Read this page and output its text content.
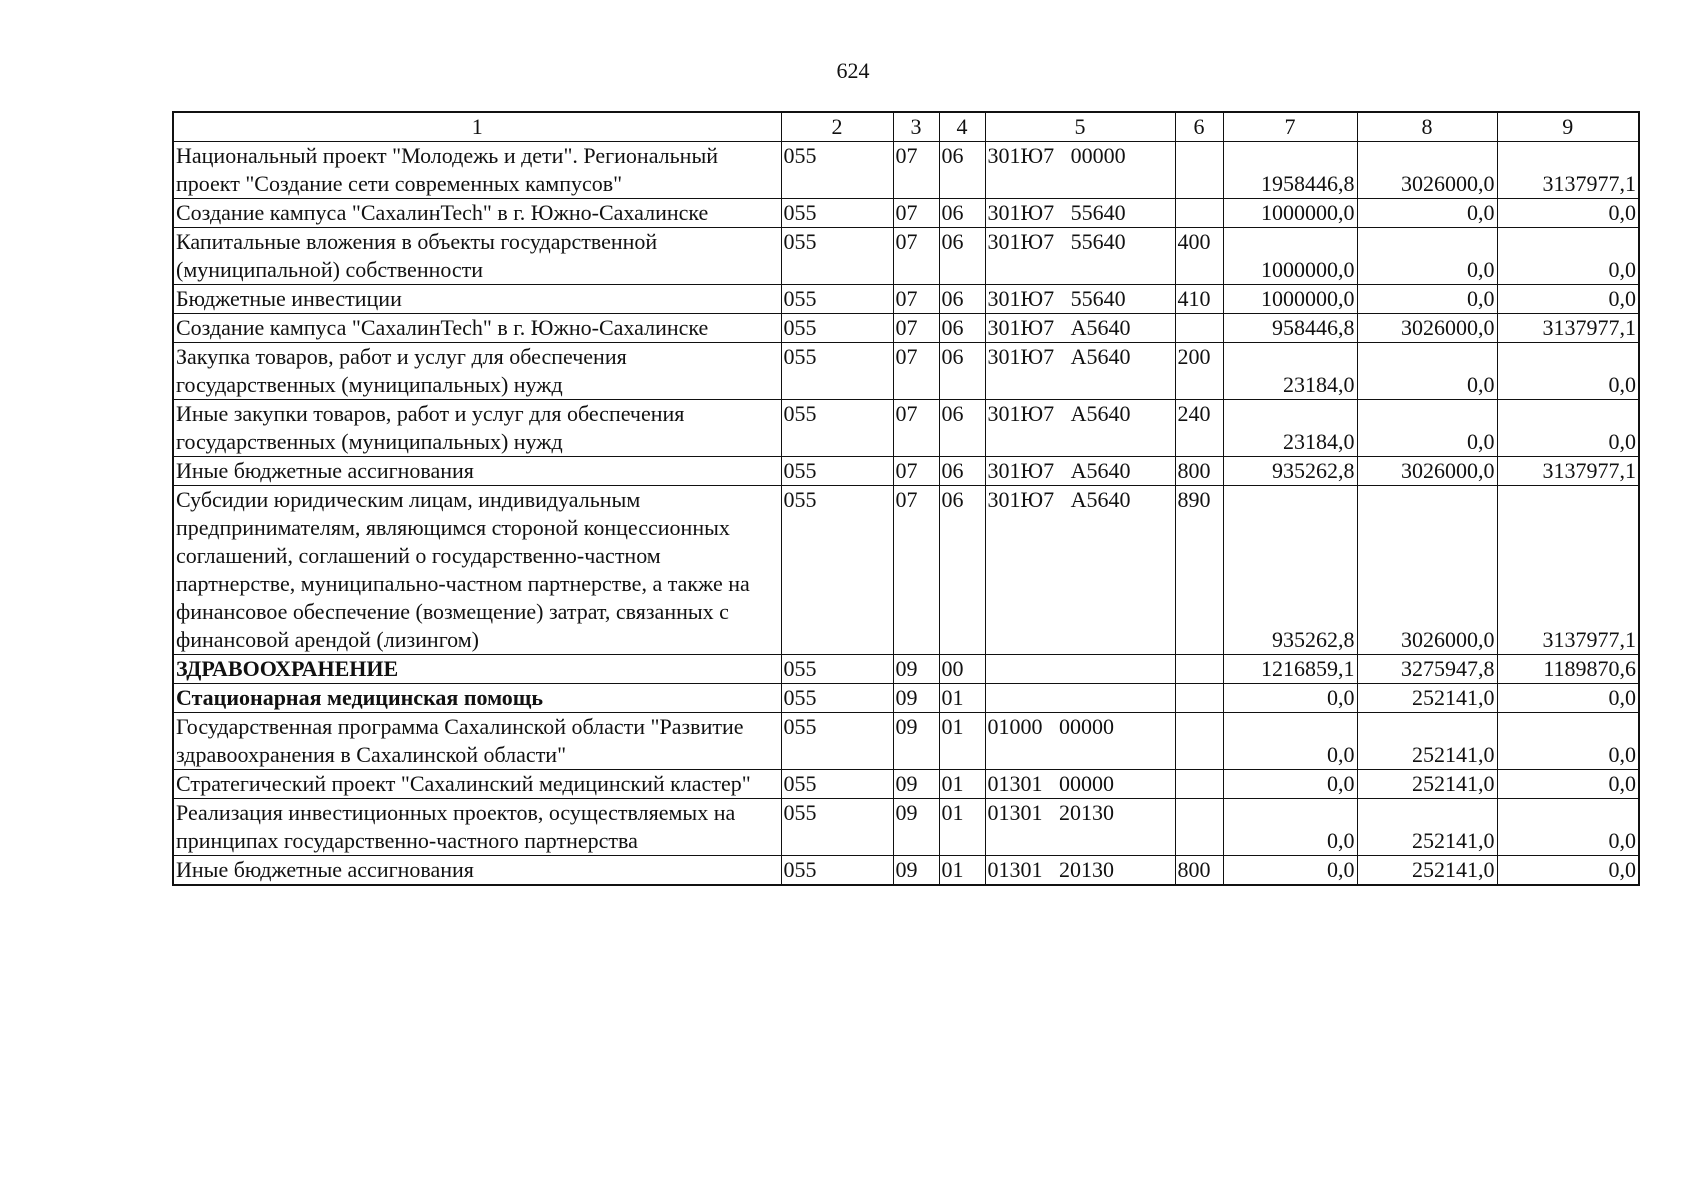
624
1	2	3	4	5	6	7	8	9
Национальный проект "Молодежь и дети". Региональный проект "Создание сети современных кампусов"	055	07	06	301Ю7   00000		1958446,8	3026000,0	3137977,1
Создание кампуса "СахалинTech" в г. Южно-Сахалинске	055	07	06	301Ю7   55640		1000000,0	0,0	0,0
Капитальные вложения в объекты государственной (муниципальной) собственности	055	07	06	301Ю7   55640	400	1000000,0	0,0	0,0
Бюджетные инвестиции	055	07	06	301Ю7   55640	410	1000000,0	0,0	0,0
Создание кампуса "СахалинTech" в г. Южно-Сахалинске	055	07	06	301Ю7   А5640		958446,8	3026000,0	3137977,1
Закупка товаров, работ и услуг для обеспечения государственных (муниципальных) нужд	055	07	06	301Ю7   А5640	200	23184,0	0,0	0,0
Иные закупки товаров, работ и услуг для обеспечения государственных (муниципальных) нужд	055	07	06	301Ю7   А5640	240	23184,0	0,0	0,0
Иные бюджетные ассигнования	055	07	06	301Ю7   А5640	800	935262,8	3026000,0	3137977,1
Субсидии юридическим лицам, индивидуальным предпринимателям, являющимся стороной концессионных соглашений, соглашений о государственно-частном партнерстве, муниципально-частном партнерстве, а также на финансовое обеспечение (возмещение) затрат, связанных с финансовой арендой (лизингом)	055	07	06	301Ю7   А5640	890	935262,8	3026000,0	3137977,1
ЗДРАВООХРАНЕНИЕ	055	09	00			1216859,1	3275947,8	1189870,6
Стационарная медицинская помощь	055	09	01			0,0	252141,0	0,0
Государственная программа Сахалинской области "Развитие здравоохранения в Сахалинской области"	055	09	01	01000   00000		0,0	252141,0	0,0
Стратегический проект "Сахалинский медицинский кластер"	055	09	01	01301   00000		0,0	252141,0	0,0
Реализация инвестиционных проектов, осуществляемых на принципах государственно-частного партнерства	055	09	01	01301   20130		0,0	252141,0	0,0
Иные бюджетные ассигнования	055	09	01	01301   20130	800	0,0	252141,0	0,0
